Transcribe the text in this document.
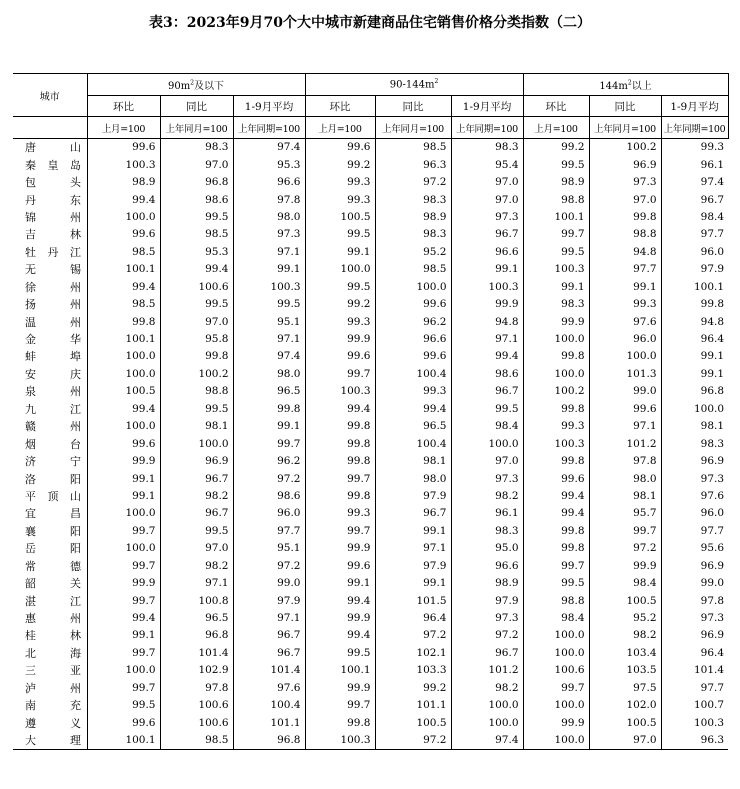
表3：2023年9月70个大中城市新建商品住宅销售价格分类指数（二）
城市	$90m^2$及以下			$90-144m^2$			$144m^2$以上		
	环比	同比	1-9月平均	环比	同比	1-9月平均	环比	同比	1-9月平均
	上月=100	上年同月=100	上年同期=100	上月=100	上年同月=100	上年同期=100	上月=100	上年同月=100	上年同期=100

唐 山	99.6	98.3	97.4	99.6	98.5	98.3	99.2	100.2	99.3

秦 皇 岛	100.3	97.0	95.3	99.2	96.3	95.4	99.5	96.9	96.1

包 头	98.9	96.8	96.6	99.3	97.2	97.0	98.9	97.3	97.4

丹 东	99.4	98.6	97.8	99.3	98.3	97.0	98.8	97.0	96.7

锦 州	100.0	99.5	98.0	100.5	98.9	97.3	100.1	99.8	98.4

吉 林	99.6	98.5	97.3	99.5	98.3	96.7	99.7	98.8	97.7

牡 丹 江	98.5	95.3	97.1	99.1	95.2	96.6	99.5	94.8	96.0

无 锡	100.1	99.4	99.1	100.0	98.5	99.1	100.3	97.7	97.9

徐 州	99.4	100.6	100.3	99.5	100.0	100.3	99.1	99.1	100.1

扬 州	98.5	99.5	99.5	99.2	99.6	99.9	98.3	99.3	99.8

温 州	99.8	97.0	95.1	99.3	96.2	94.8	99.9	97.6	94.8

金 华	100.1	95.8	97.1	99.9	96.6	97.1	100.0	96.0	96.4

蚌 埠	100.0	99.8	97.4	99.6	99.6	99.4	99.8	100.0	99.1

安 庆	100.0	100.2	98.0	99.7	100.4	98.6	100.0	101.3	99.1

泉 州	100.5	98.8	96.5	100.3	99.3	96.7	100.2	99.0	96.8

九 江	99.4	99.5	99.8	99.4	99.4	99.5	99.8	99.6	100.0

赣 州	100.0	98.1	99.1	99.8	96.5	98.4	99.3	97.1	98.1

烟 台	99.6	100.0	99.7	99.8	100.4	100.0	100.3	101.2	98.3

济 宁	99.9	96.9	96.2	99.8	98.1	97.0	99.8	97.8	96.9

洛 阳	99.1	96.7	97.2	99.7	98.0	97.3	99.6	98.0	97.3

平 顶 山	99.1	98.2	98.6	99.8	97.9	98.2	99.4	98.1	97.6

宜 昌	100.0	96.7	96.0	99.3	96.7	96.1	99.4	95.7	96.0

襄 阳	99.7	99.5	97.7	99.7	99.1	98.3	99.8	99.7	97.7

岳 阳	100.0	97.0	95.1	99.9	97.1	95.0	99.8	97.2	95.6

常 德	99.7	98.2	97.2	99.6	97.9	96.6	99.7	99.9	96.9

韶 关	99.9	97.1	99.0	99.1	99.1	98.9	99.5	98.4	99.0

湛 江	99.7	100.8	97.9	99.4	101.5	97.9	98.8	100.5	97.8

惠 州	99.4	96.5	97.1	99.9	96.4	97.3	98.4	95.2	97.3

桂 林	99.1	96.8	96.7	99.4	97.2	97.2	100.0	98.2	96.9

北 海	99.7	101.4	96.7	99.5	102.1	96.7	100.0	103.4	96.4

三 亚	100.0	102.9	101.4	100.1	103.3	101.2	100.6	103.5	101.4

泸 州	99.7	97.8	97.6	99.9	99.2	98.2	99.7	97.5	97.7

南 充	99.5	100.6	100.4	99.7	101.1	100.0	100.0	102.0	100.7

遵 义	99.6	100.6	101.1	99.8	100.5	100.0	99.9	100.5	100.3

大 理	100.1	98.5	96.8	100.3	97.2	97.4	100.0	97.0	96.3
